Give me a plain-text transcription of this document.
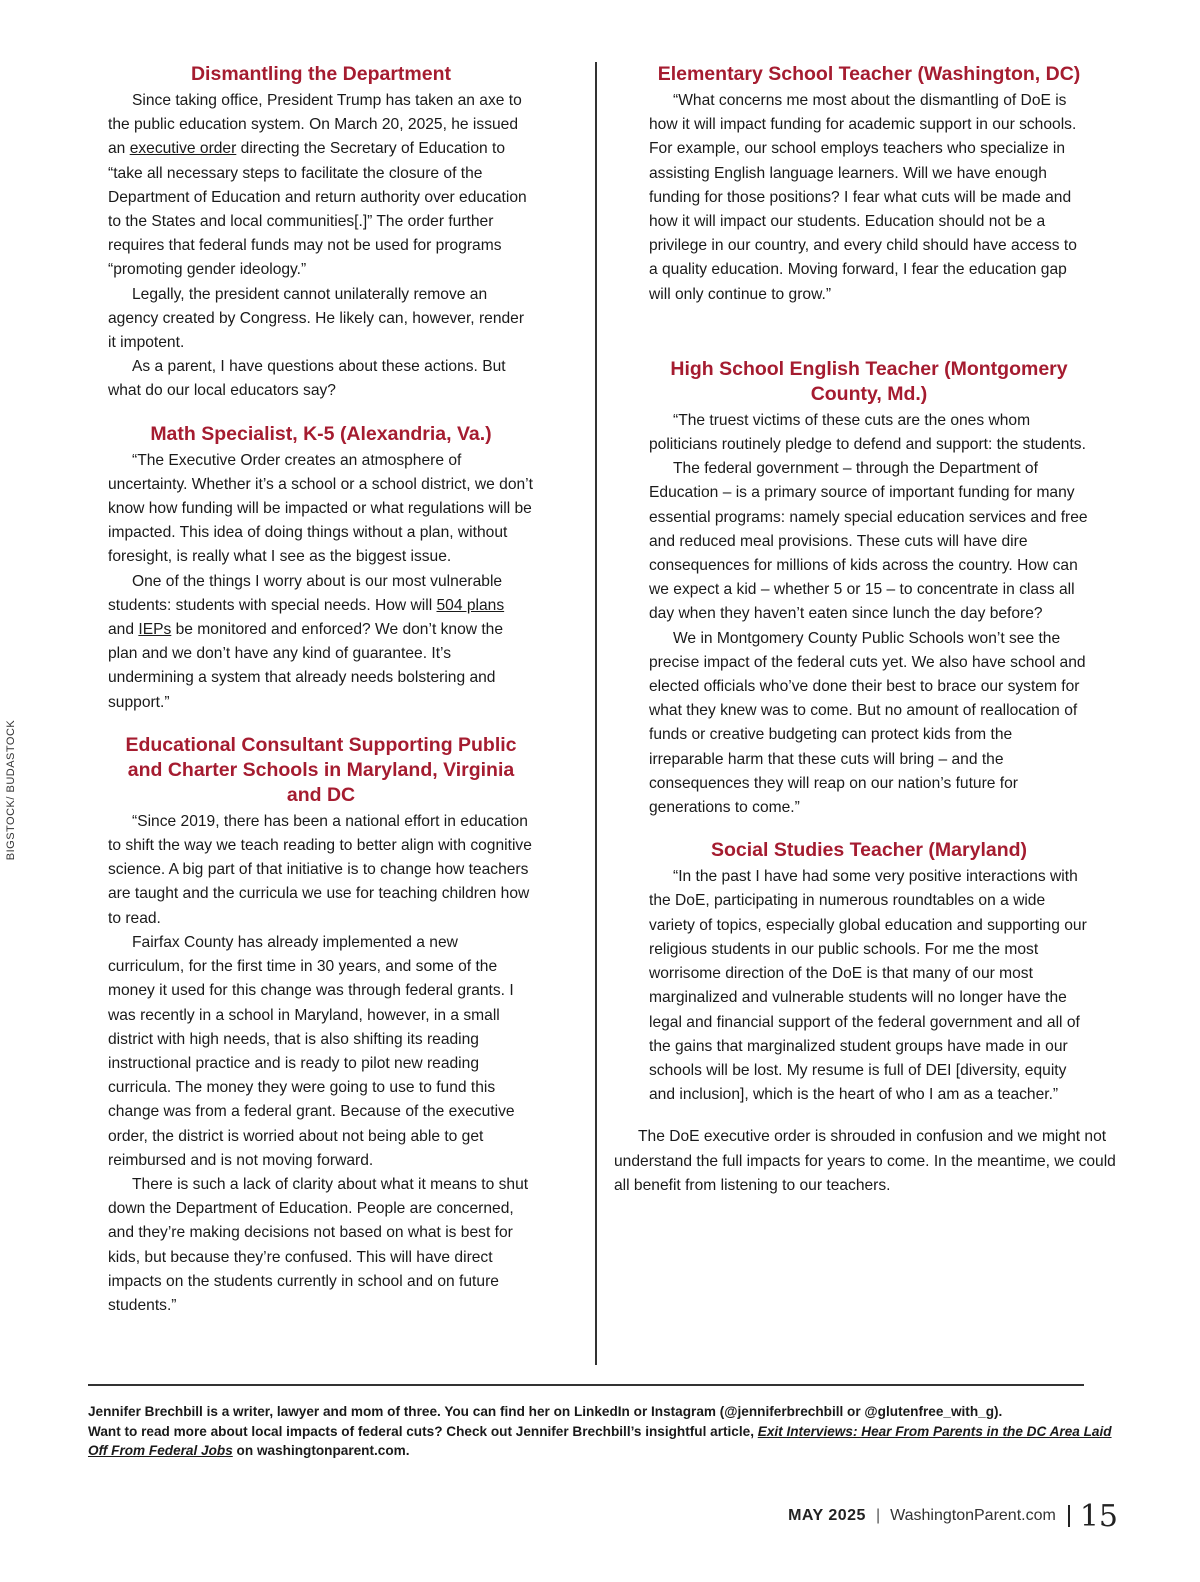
BIGSTOCK/ BUDASTOCK
Dismantling the Department

Since taking office, President Trump has taken an axe to the public education system. On March 20, 2025, he issued an executive order directing the Secretary of Education to “take all necessary steps to facilitate the closure of the Department of Education and return authority over education to the States and local communities[.]” The order further requires that federal funds may not be used for programs “promoting gender ideology.”

Legally, the president cannot unilaterally remove an agency created by Congress. He likely can, however, render it impotent.

As a parent, I have questions about these actions. But what do our local educators say?

Math Specialist, K-5 (Alexandria, Va.)

“The Executive Order creates an atmosphere of uncertainty. Whether it’s a school or a school district, we don’t know how funding will be impacted or what regulations will be impacted. This idea of doing things without a plan, without foresight, is really what I see as the biggest issue.

One of the things I worry about is our most vulnerable students: students with special needs. How will 504 plans and IEPs be monitored and enforced? We don’t know the plan and we don’t have any kind of guarantee. It’s undermining a system that already needs bolstering and support.”

Educational Consultant Supporting Public and Charter Schools in Maryland, Virginia and DC

“Since 2019, there has been a national effort in education to shift the way we teach reading to better align with cognitive science. A big part of that initiative is to change how teachers are taught and the curricula we use for teaching children how to read.

Fairfax County has already implemented a new curriculum, for the first time in 30 years, and some of the money it used for this change was through federal grants. I was recently in a school in Maryland, however, in a small district with high needs, that is also shifting its reading instructional practice and is ready to pilot new reading curricula. The money they were going to use to fund this change was from a federal grant. Because of the executive order, the district is worried about not being able to get reimbursed and is not moving forward.

There is such a lack of clarity about what it means to shut down the Department of Education. People are concerned, and they’re making decisions not based on what is best for kids, but because they’re confused. This will have direct impacts on the students currently in school and on future students.”

Elementary School Teacher (Washington, DC)

“What concerns me most about the dismantling of DoE is how it will impact funding for academic support in our schools. For example, our school employs teachers who specialize in assisting English language learners. Will we have enough funding for those positions? I fear what cuts will be made and how it will impact our students. Education should not be a privilege in our country, and every child should have access to a quality education. Moving forward, I fear the education gap will only continue to grow.”

High School English Teacher (Montgomery County, Md.)

“The truest victims of these cuts are the ones whom politicians routinely pledge to defend and support: the students.

The federal government – through the Department of Education – is a primary source of important funding for many essential programs: namely special education services and free and reduced meal provisions. These cuts will have dire consequences for millions of kids across the country. How can we expect a kid – whether 5 or 15 – to concentrate in class all day when they haven’t eaten since lunch the day before?

We in Montgomery County Public Schools won’t see the precise impact of the federal cuts yet. We also have school and elected officials who’ve done their best to brace our system for what they knew was to come. But no amount of reallocation of funds or creative budgeting can protect kids from the irreparable harm that these cuts will bring – and the consequences they will reap on our nation’s future for generations to come.”

Social Studies Teacher (Maryland)

“In the past I have had some very positive interactions with the DoE, participating in numerous roundtables on a wide variety of topics, especially global education and supporting our religious students in our public schools. For me the most worrisome direction of the DoE is that many of our most marginalized and vulnerable students will no longer have the legal and financial support of the federal government and all of the gains that marginalized student groups have made in our schools will be lost. My resume is full of DEI [diversity, equity and inclusion], which is the heart of who I am as a teacher.”

The DoE executive order is shrouded in confusion and we might not understand the full impacts for years to come. In the meantime, we could all benefit from listening to our teachers.

Jennifer Brechbill is a writer, lawyer and mom of three. You can find her on LinkedIn or Instagram (@jenniferbrechbill or @glutenfree_with_g).
Want to read more about local impacts of federal cuts? Check out Jennifer Brechbill’s insightful article, Exit Interviews: Hear From Parents in the DC Area Laid Off From Federal Jobs on washingtonparent.com.
MAY 2025 | WashingtonParent.com 15
